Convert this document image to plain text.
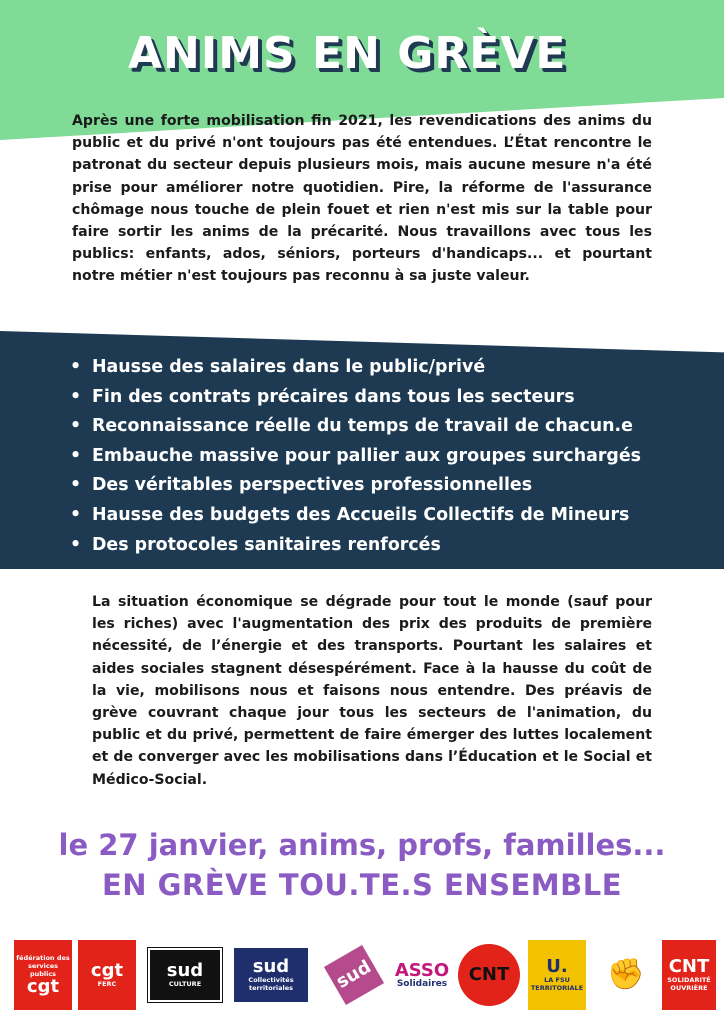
ANIMS EN GRÈVE

Après une forte mobilisation fin 2021, les revendications des anims du public et du privé n'ont toujours pas été entendues. L’État rencontre le patronat du secteur depuis plusieurs mois, mais aucune mesure n'a été prise pour améliorer notre quotidien. Pire, la réforme de l'assurance chômage nous touche de plein fouet et rien n'est mis sur la table pour faire sortir les anims de la précarité. Nous travaillons avec tous les publics: enfants, ados, séniors, porteurs d'handicaps... et pourtant notre métier n'est toujours pas reconnu à sa juste valeur.

• Hausse des salaires dans le public/privé
• Fin des contrats précaires dans tous les secteurs
• Reconnaissance réelle du temps de travail de chacun.e
• Embauche massive pour pallier aux groupes surchargés
• Des véritables perspectives professionnelles
• Hausse des budgets des Accueils Collectifs de Mineurs
• Des protocoles sanitaires renforcés

La situation économique se dégrade pour tout le monde (sauf pour les riches) avec l'augmentation des prix des produits de première nécessité, de l’énergie et des transports. Pourtant les salaires et aides sociales stagnent désespérément. Face à la hausse du coût de la vie, mobilisons nous et faisons nous entendre. Des préavis de grève couvrant chaque jour tous les secteurs de l'animation, du public et du privé, permettent de faire émerger des luttes localement et de converger avec les mobilisations dans l’Éducation et le Social et Médico-Social.

le 27 janvier, anims, profs, familles...

EN GRÈVE TOU.TE.S ENSEMBLE

fédération des services publics
cgt
cgt
FERC
sud
CULTURE
sud
Collectivités territoriales	sud ASSO
Solidaires CNT U.
LA FSU TERRITORIALE ✊ CNT
SOLIDARITÉ OUVRIÈRE
